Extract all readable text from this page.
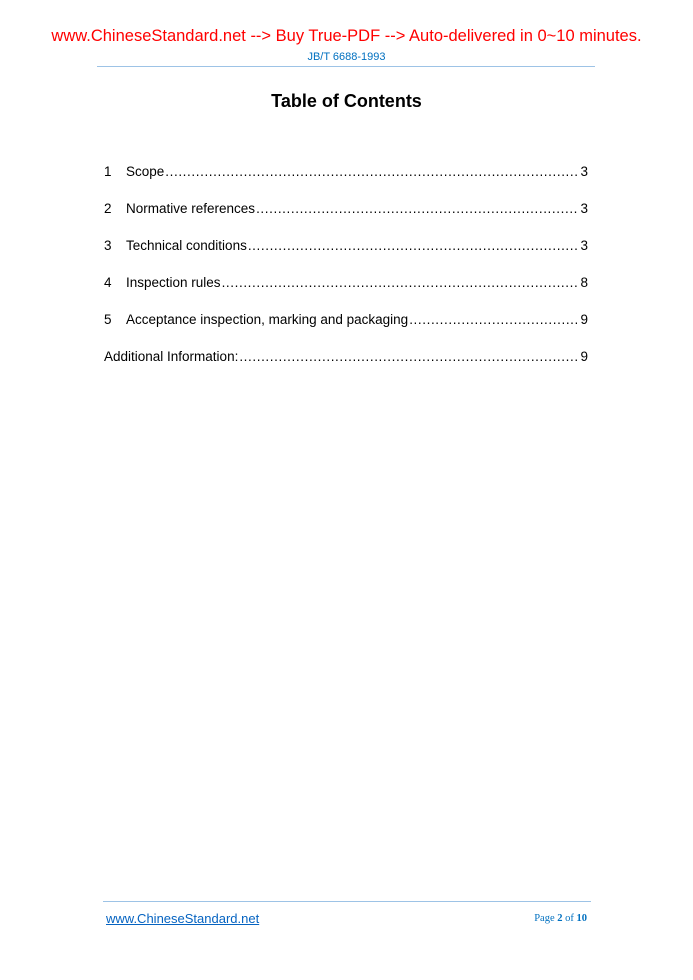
www.ChineseStandard.net --> Buy True-PDF --> Auto-delivered in 0~10 minutes.
JB/T 6688-1993
Table of Contents
1	Scope .....	3
2	Normative references .....	3
3	Technical conditions .....	3
4	Inspection rules .....	8
5	Acceptance inspection, marking and packaging .....	9
Additional Information: .....	9
www.ChineseStandard.net	Page 2 of 10
